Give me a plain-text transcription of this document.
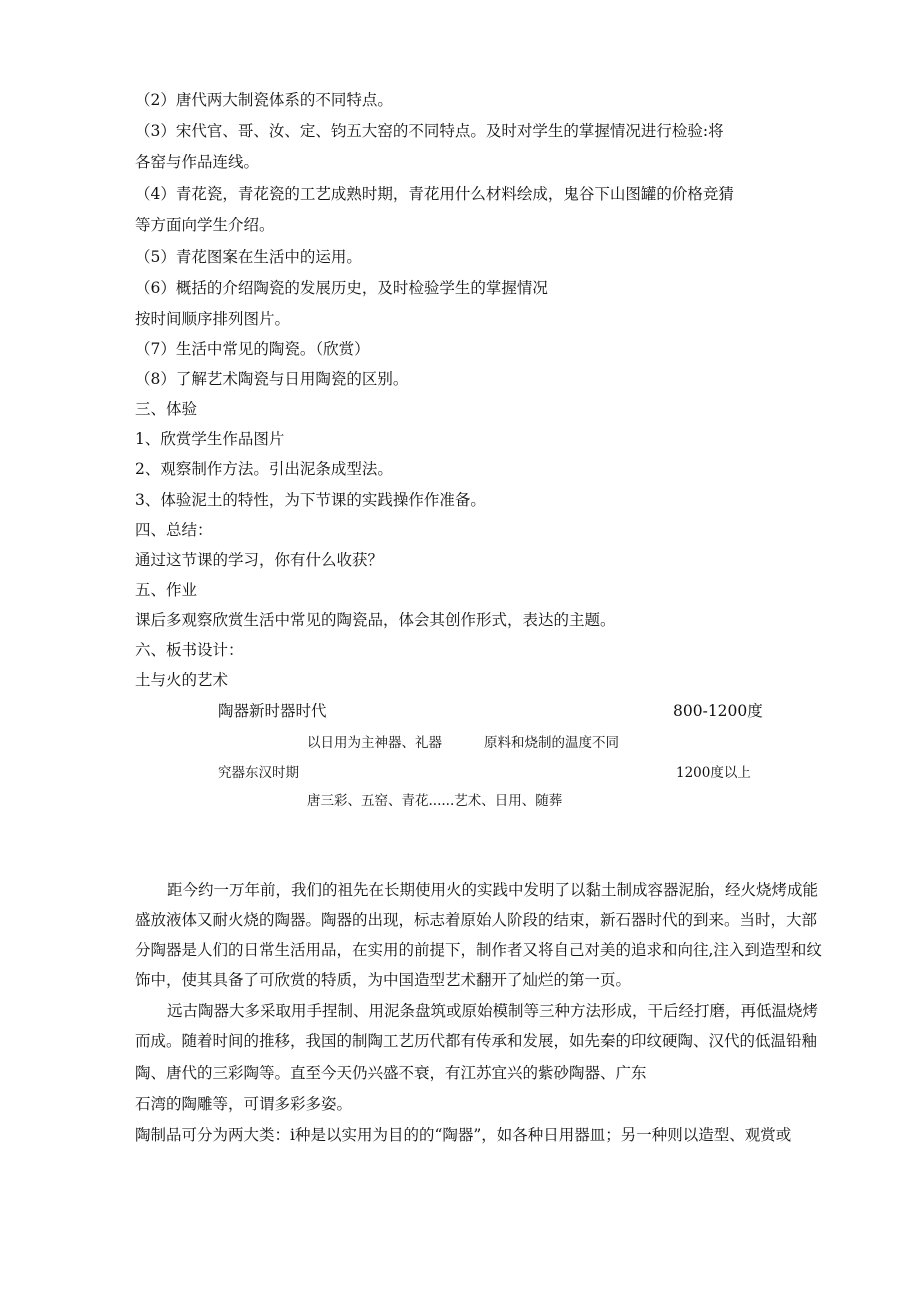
（2）唐代两大制瓷体系的不同特点。
（3）宋代官、哥、汝、定、钧五大窑的不同特点。及时对学生的掌握情况进行检验:将
各窑与作品连线。
（4）青花瓷，青花瓷的工艺成熟时期，青花用什么材料绘成，鬼谷下山图罐的价格竞猜
等方面向学生介绍。
（5）青花图案在生活中的运用。
（6）概括的介绍陶瓷的发展历史，及时检验学生的掌握情况
按时间顺序排列图片。
（7）生活中常见的陶瓷。（欣赏）
（8）了解艺术陶瓷与日用陶瓷的区别。
三、体验
1、欣赏学生作品图片
2、观察制作方法。引出泥条成型法。
3、体验泥土的特性，为下节课的实践操作作准备。
四、总结：
通过这节课的学习，你有什么收获？
五、作业
课后多观察欣赏生活中常见的陶瓷品，体会其创作形式，表达的主题。
六、板书设计：
土与火的艺术
陶器新时器时代	800-1200度
以日用为主神器、礼器	原料和烧制的温度不同
究器东汉时期	1200度以上
唐三彩、五窑、青花......艺术、日用、随葬
距今约一万年前，我们的祖先在长期使用火的实践中发明了以黏土制成容器泥胎，经火烧烤成能
盛放液体又耐火烧的陶器。陶器的出现，标志着原始人阶段的结束，新石器时代的到来。当时，大部
分陶器是人们的日常生活用品，在实用的前提下，制作者又将自己对美的追求和向往,注入到造型和纹
饰中，使其具备了可欣赏的特质，为中国造型艺术翻开了灿烂的第一页。
远古陶器大多采取用手捏制、用泥条盘筑或原始模制等三种方法形成，干后经打磨，再低温烧烤
而成。随着时间的推移，我国的制陶工艺历代都有传承和发展，如先秦的印纹硬陶、汉代的低温铅釉
陶、唐代的三彩陶等。直至今天仍兴盛不衰，有江苏宜兴的紫砂陶器、广东
石湾的陶雕等，可谓多彩多姿。
陶制品可分为两大类：i种是以实用为目的的“陶器”，如各种日用器皿；另一种则以造型、观赏或
